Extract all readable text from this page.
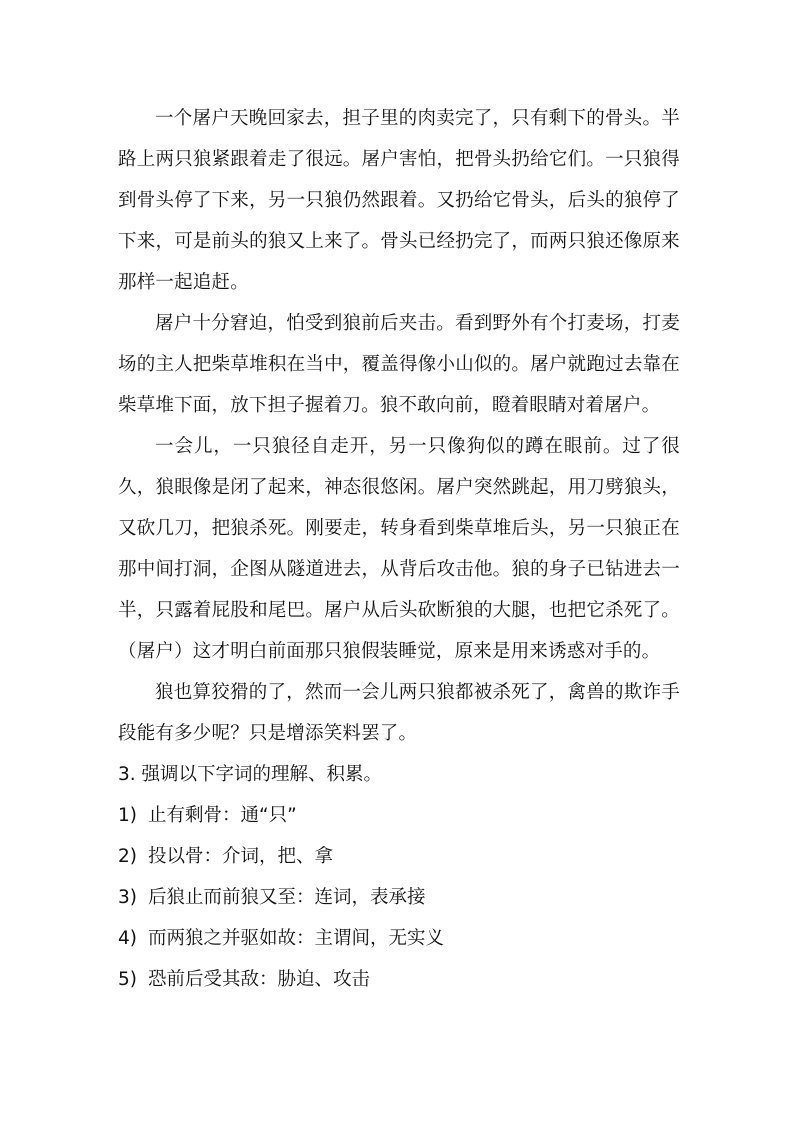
一个屠户天晚回家去，担子里的肉卖完了，只有剩下的骨头。半路上两只狼紧跟着走了很远。屠户害怕，把骨头扔给它们。一只狼得到骨头停了下来，另一只狼仍然跟着。又扔给它骨头，后头的狼停了下来，可是前头的狼又上来了。骨头已经扔完了，而两只狼还像原来那样一起追赶。

屠户十分窘迫，怕受到狼前后夹击。看到野外有个打麦场，打麦场的主人把柴草堆积在当中，覆盖得像小山似的。屠户就跑过去靠在柴草堆下面，放下担子握着刀。狼不敢向前，瞪着眼睛对着屠户。

一会儿，一只狼径自走开，另一只像狗似的蹲在眼前。过了很久，狼眼像是闭了起来，神态很悠闲。屠户突然跳起，用刀劈狼头，又砍几刀，把狼杀死。刚要走，转身看到柴草堆后头，另一只狼正在那中间打洞，企图从隧道进去，从背后攻击他。狼的身子已钻进去一半，只露着屁股和尾巴。屠户从后头砍断狼的大腿，也把它杀死了。（屠户）这才明白前面那只狼假装睡觉，原来是用来诱惑对手的。

狼也算狡猾的了，然而一会儿两只狼都被杀死了，禽兽的欺诈手段能有多少呢？只是增添笑料罢了。

3. 强调以下字词的理解、积累。

1) 止有剩骨：通“只”
2) 投以骨：介词，把、拿
3) 后狼止而前狼又至：连词，表承接
4) 而两狼之并驱如故：主谓间，无实义
5) 恐前后受其敌：胁迫、攻击
